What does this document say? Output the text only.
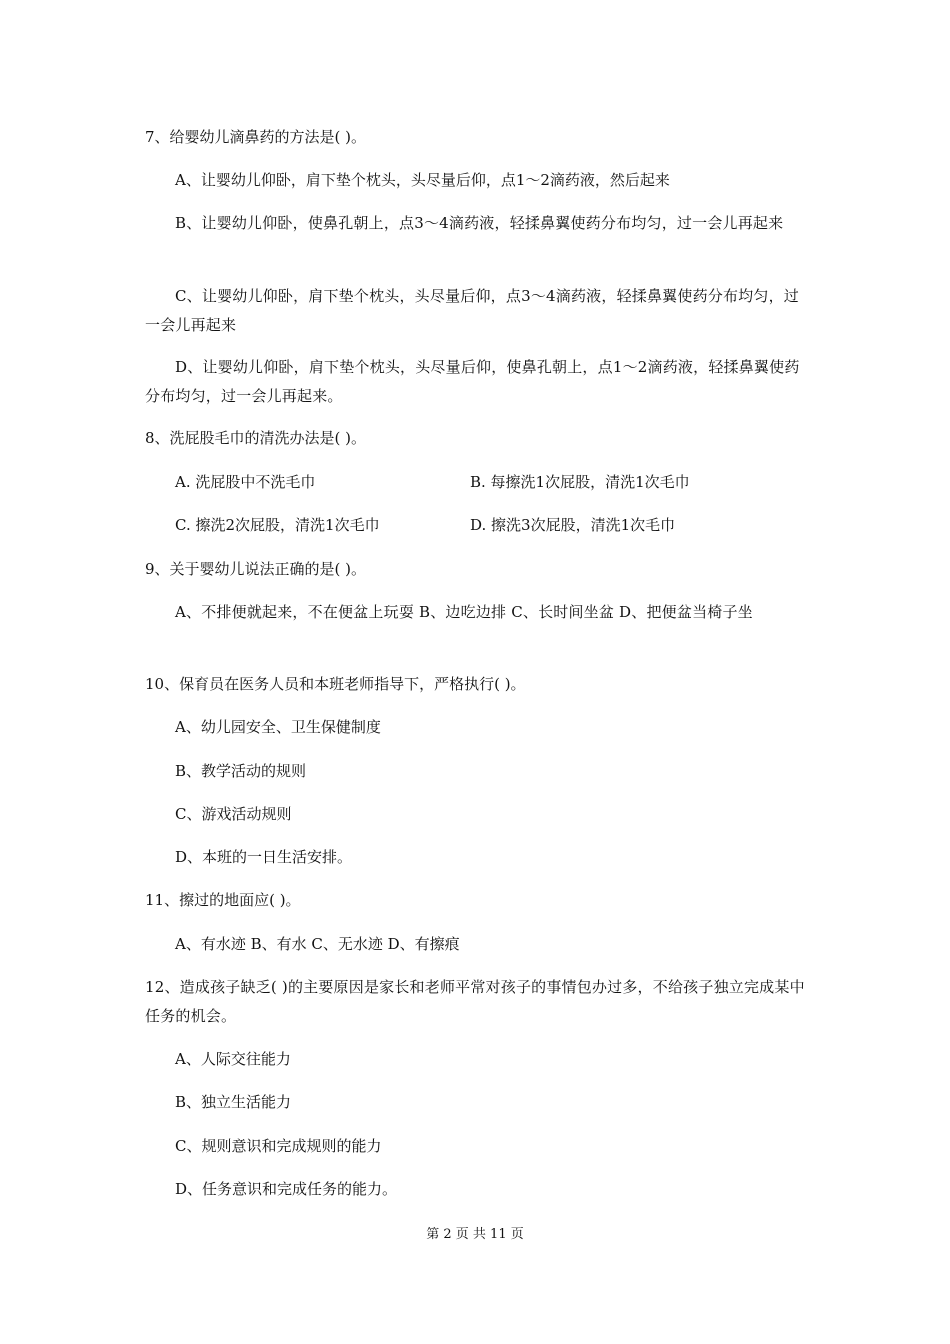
7、给婴幼儿滴鼻药的方法是( )。
A、让婴幼儿仰卧，肩下垫个枕头，头尽量后仰，点1～2滴药液，然后起来
B、让婴幼儿仰卧，使鼻孔朝上，点3～4滴药液，轻揉鼻翼使药分布均匀，过一会儿再起来
C、让婴幼儿仰卧，肩下垫个枕头，头尽量后仰，点3～4滴药液，轻揉鼻翼使药分布均匀，过一会儿再起来
D、让婴幼儿仰卧，肩下垫个枕头，头尽量后仰，使鼻孔朝上，点1～2滴药液，轻揉鼻翼使药分布均匀，过一会儿再起来。
8、洗屁股毛巾的清洗办法是( )。
A. 洗屁股中不洗毛巾	B. 每擦洗1次屁股，清洗1次毛巾
C. 擦洗2次屁股，清洗1次毛巾	D. 擦洗3次屁股，清洗1次毛巾
9、关于婴幼儿说法正确的是( )。
A、不排便就起来，不在便盆上玩耍 B、边吃边排 C、长时间坐盆 D、把便盆当椅子坐
10、保育员在医务人员和本班老师指导下，严格执行( )。
A、幼儿园安全、卫生保健制度
B、教学活动的规则
C、游戏活动规则
D、本班的一日生活安排。
11、擦过的地面应( )。
A、有水迹 B、有水 C、无水迹 D、有擦痕
12、造成孩子缺乏( )的主要原因是家长和老师平常对孩子的事情包办过多，不给孩子独立完成某中任务的机会。
A、人际交往能力
B、独立生活能力
C、规则意识和完成规则的能力
D、任务意识和完成任务的能力。
第 2 页 共 11 页
